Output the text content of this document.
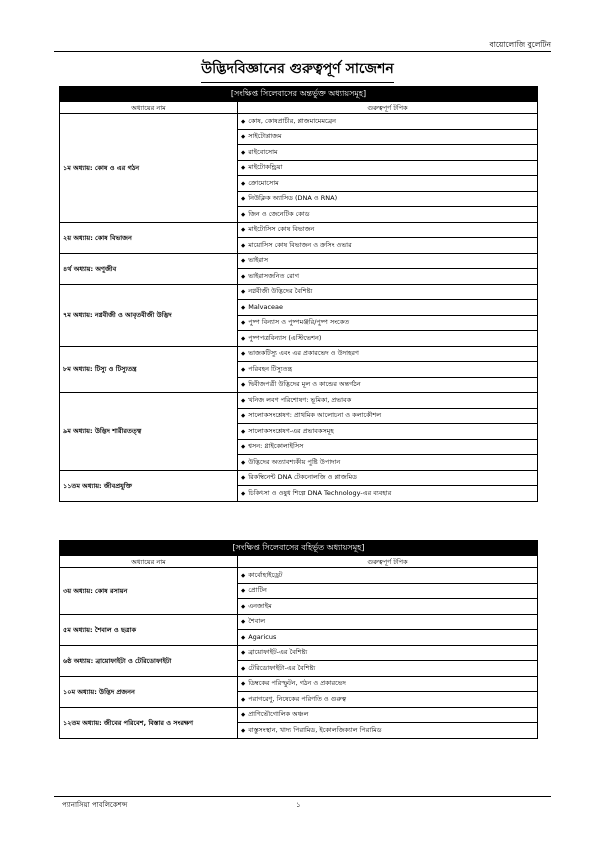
বায়োলোজি বুলেটিন
উদ্ভিদবিজ্ঞানের গুরুত্বপূর্ণ সাজেশন
[সংক্ষিপ্ত সিলেবাসের অন্তর্ভুক্ত অধ্যায়সমূহ]	
অধ্যায়ের নাম	গুরুত্বপূর্ণ টপিক
১ম অধ্যায়: কোষ ও এর গঠন	◆ কোষ, কোষপ্রাচীর, প্লাজমামেমব্রেন
	◆ সাইটোপ্লাজম
	◆ রাইবোসোম
	◆ মাইটোকন্ড্রিয়া
	◆ ক্রোমোসোম
	◆ নিউক্লিক অ্যাসিড (DNA ও RNA)
	◆ জিন ও জেনেটিক কোড
২য় অধ্যায়: কোষ বিভাজন	◆ মাইটোসিস কোষ বিভাজন
	◆ মায়োসিস কোষ বিভাজন ও ক্রসিং ওভার
৪র্থ অধ্যায়: অণুজীব	◆ ভাইরাস
	◆ ভাইরাসজনিত রোগ
৭ম অধ্যায়: নগ্নবীজী ও আবৃতবীজী উদ্ভিদ	◆ নগ্নবীজী উদ্ভিদের বৈশিষ্ট্য
	◆ Malvaceae
	◆ পুষ্প বিন্যাস ও পুষ্পমঞ্জরি/পুষ্প সংকেত
	◆ পুষ্পপত্রবিন্যাস (এস্টিভেশন)
৮ম অধ্যায়: টিস্যু ও টিস্যুতন্ত্র	◆ ভাজকটিস্যু এবং এর প্রকারভেদ ও উদাহরণ
	◆ পরিবহন টিস্যুতন্ত্র
	◆ দ্বিবীজপত্রী উদ্ভিদের মূল ও কান্ডের অন্তর্গঠন
৯ম অধ্যায়: উদ্ভিদ শারীরতত্ত্ব	◆ খনিজ লবণ পরিশোষণ: ভূমিকা, প্রভাবক
	◆ সালোকসংশ্লেষণ: প্রাথমিক আলোচনা ও কলাকৌশল
	◆ সালোকসংশ্লেষণ-এর প্রভাবকসমূহ
	◆ শ্বসন: গ্লাইকোলাইসিস
	◆ উদ্ভিদের অত্যাবশ্যকীয় পুষ্টি উপাদান
১১তম অধ্যায়: জীবপ্রযুক্তি	◆ রিকম্বিনেন্ট DNA টেকনোলজি ও প্লাজমিড
	◆ চিকিৎসা ও ওষুধ শিল্পে DNA Technology-এর ব্যবহার
[সংক্ষিপ্ত সিলেবাসের বহির্ভূত অধ্যায়সমূহ]	
অধ্যায়ের নাম	গুরুত্বপূর্ণ টপিক
৩য় অধ্যায়: কোষ রসায়ন	◆ কার্বোহাইড্রেট
	◆ প্রোটিন
	◆ এনজাইম
৫ম অধ্যায়: শৈবাল ও ছত্রাক	◆ শৈবাল
	◆ Agaricus
৬ষ্ঠ অধ্যায়: ব্রায়োফাইটা ও টেরিডোফাইটা	◆ ব্রায়োফাইট-এর বৈশিষ্ট্য
	◆ টেরিডোফাইটা-এর বৈশিষ্ট্য
১০ম অধ্যায়: উদ্ভিদ প্রজনন	◆ ডিম্বকের পরিস্ফুটন, গঠন ও প্রকারভেদ
	◆ পরাগরেণু, নিষেকের পরিণতি ও গুরুত্ব
১২তম অধ্যায়: জীবের পরিবেশ, বিস্তার ও সংরক্ষণ	◆ প্রাণিভৌগোলিক অঞ্চল
	◆ বাস্তুসংস্থান, খাদ্য পিরামিড, ইকোলজিক্যাল পিরামিড
প্যানাসিয়া পাবলিকেশন্স	১
